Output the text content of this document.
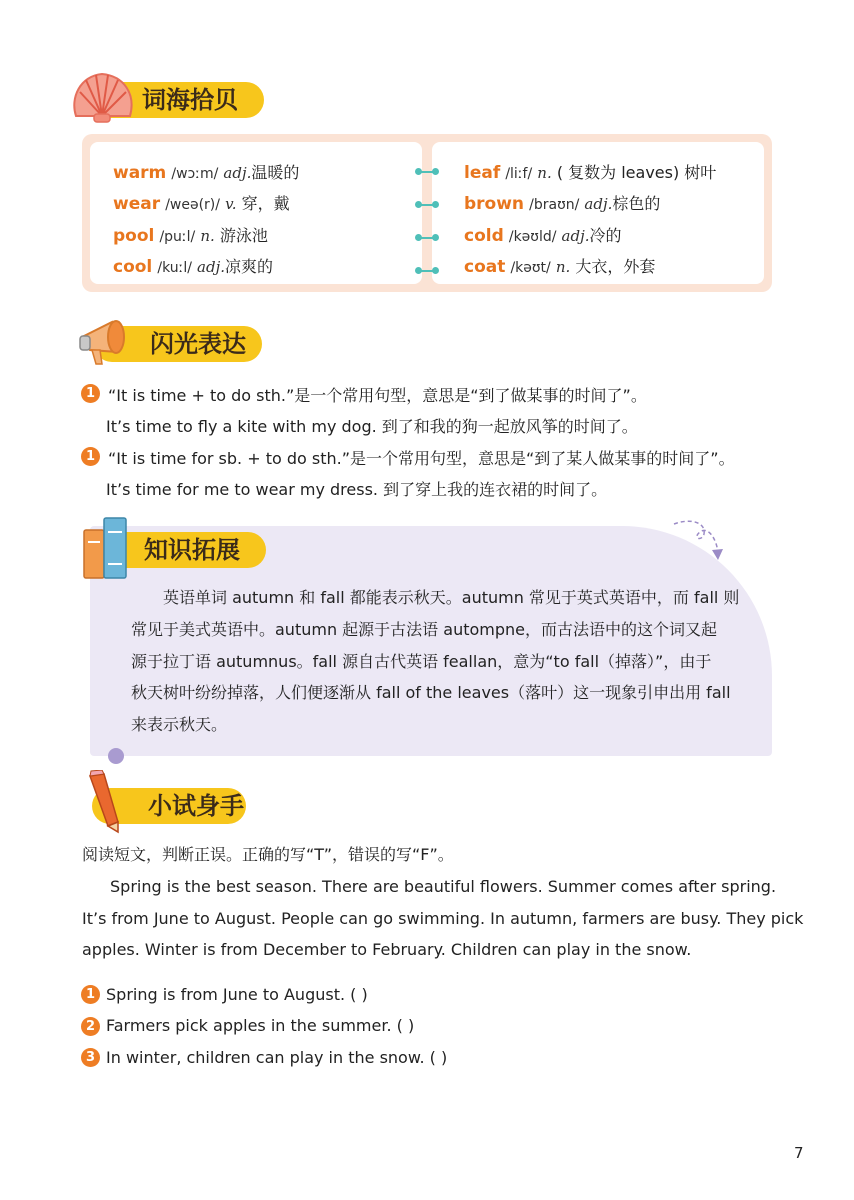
词海拾贝
warm /wɔːm/ adj.温暖的
wear /weə(r)/ v. 穿，戴
pool /puːl/ n. 游泳池
cool /kuːl/ adj.凉爽的
leaf /liːf/ n. ( 复数为 leaves) 树叶
brown /braʊn/ adj.棕色的
cold /kəʊld/ adj.冷的
coat /kəʊt/ n. 大衣，外套
闪光表达
1 “It is time + to do sth.”是一个常用句型，意思是“到了做某事的时间了”。
It’s time to fly a kite with my dog. 到了和我的狗一起放风筝的时间了。
1 “It is time for sb. + to do sth.”是一个常用句型，意思是“到了某人做某事的时间了”。
It’s time for me to wear my dress. 到了穿上我的连衣裙的时间了。
知识拓展
英语单词 autumn 和 fall 都能表示秋天。autumn 常见于英式英语中，而 fall 则
常见于美式英语中。autumn 起源于古法语 autompne，而古法语中的这个词又起
源于拉丁语 autumnus。fall 源自古代英语 feallan，意为“to fall（掉落）”，由于
秋天树叶纷纷掉落，人们便逐渐从 fall of the leaves（落叶）这一现象引申出用 fall
来表示秋天。
小试身手
阅读短文，判断正误。正确的写“T”，错误的写“F”。
Spring is the best season. There are beautiful flowers. Summer comes after spring.
It’s from June to August. People can go swimming. In autumn, farmers are busy. They pick
apples. Winter is from December to February. Children can play in the snow.
1 Spring is from June to August. ( )
2 Farmers pick apples in the summer. ( )
3 In winter, children can play in the snow. ( )
7
